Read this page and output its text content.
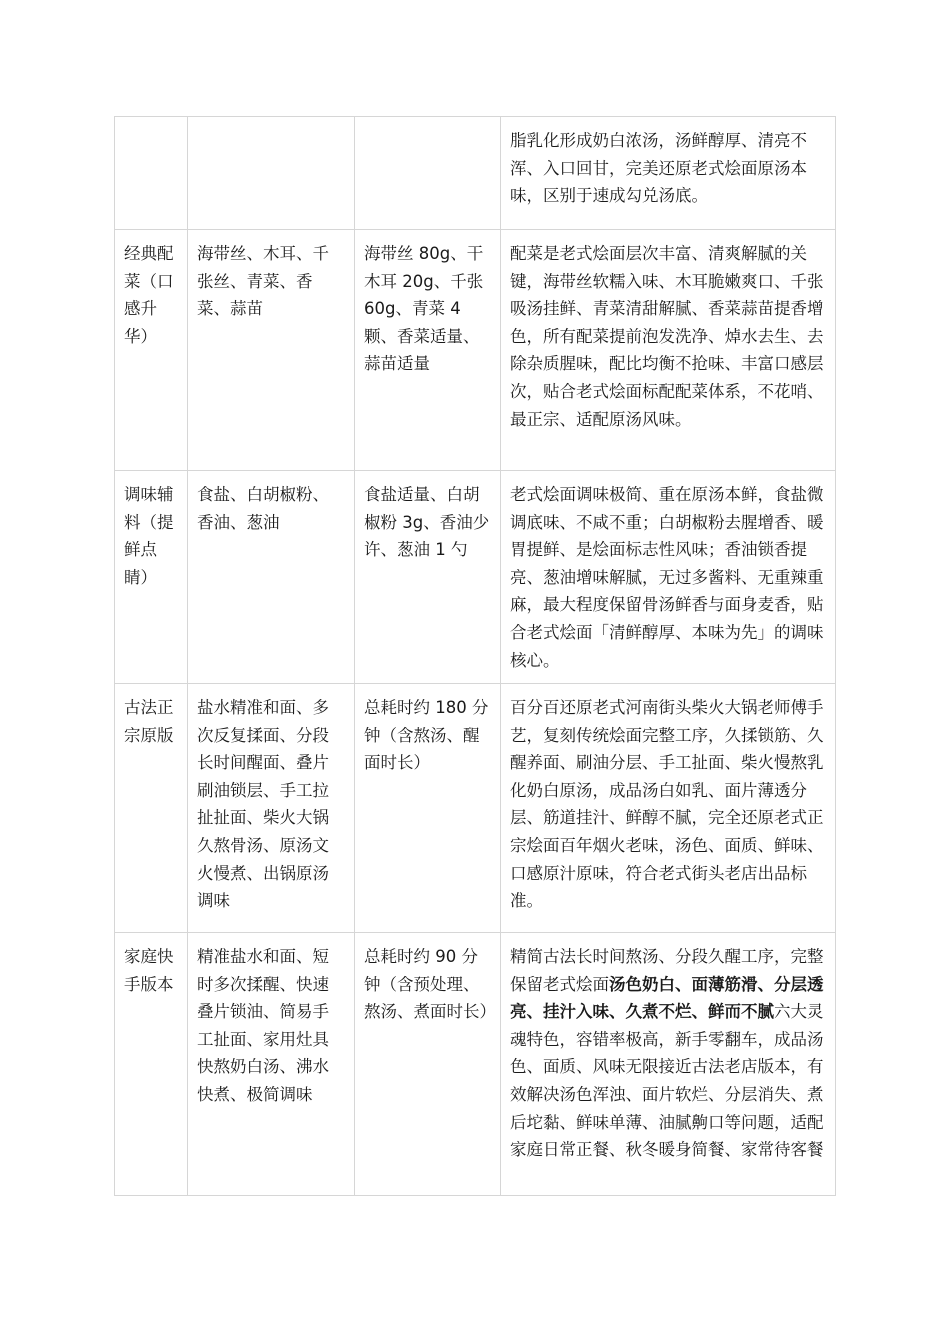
			脂乳化形成奶白浓汤，汤鲜醇厚、清亮不浑、入口回甘，完美还原老式烩面原汤本味，区别于速成勾兑汤底。
经典配菜（口感升华）	海带丝、木耳、千张丝、青菜、香菜、蒜苗	海带丝 80g、干木耳 20g、千张 60g、青菜 4 颗、香菜适量、蒜苗适量	配菜是老式烩面层次丰富、清爽解腻的关键，海带丝软糯入味、木耳脆嫩爽口、千张吸汤挂鲜、青菜清甜解腻、香菜蒜苗提香增色，所有配菜提前泡发洗净、焯水去生、去除杂质腥味，配比均衡不抢味、丰富口感层次，贴合老式烩面标配配菜体系，不花哨、最正宗、适配原汤风味。
调味辅料（提鲜点睛）	食盐、白胡椒粉、香油、葱油	食盐适量、白胡椒粉 3g、香油少许、葱油 1 勺	老式烩面调味极简、重在原汤本鲜，食盐微调底味、不咸不重；白胡椒粉去腥增香、暖胃提鲜、是烩面标志性风味；香油锁香提亮、葱油增味解腻，无过多酱料、无重辣重麻，最大程度保留骨汤鲜香与面身麦香，贴合老式烩面「清鲜醇厚、本味为先」的调味核心。
古法正宗原版	盐水精准和面、多次反复揉面、分段长时间醒面、叠片刷油锁层、手工拉扯扯面、柴火大锅久熬骨汤、原汤文火慢煮、出锅原汤调味	总耗时约 180 分钟（含熬汤、醒面时长）	百分百还原老式河南街头柴火大锅老师傅手艺，复刻传统烩面完整工序，久揉锁筋、久醒养面、刷油分层、手工扯面、柴火慢熬乳化奶白原汤，成品汤白如乳、面片薄透分层、筋道挂汁、鲜醇不腻，完全还原老式正宗烩面百年烟火老味，汤色、面质、鲜味、口感原汁原味，符合老式街头老店出品标准。
家庭快手版本	精准盐水和面、短时多次揉醒、快速叠片锁油、简易手工扯面、家用灶具快熬奶白汤、沸水快煮、极简调味	总耗时约 90 分钟（含预处理、熬汤、煮面时长）	精简古法长时间熬汤、分段久醒工序，完整保留老式烩面汤色奶白、面薄筋滑、分层透亮、挂汁入味、久煮不烂、鲜而不腻六大灵魂特色，容错率极高，新手零翻车，成品汤色、面质、风味无限接近古法老店版本，有效解决汤色浑浊、面片软烂、分层消失、煮后坨黏、鲜味单薄、油腻齁口等问题，适配家庭日常正餐、秋冬暖身简餐、家常待客餐
